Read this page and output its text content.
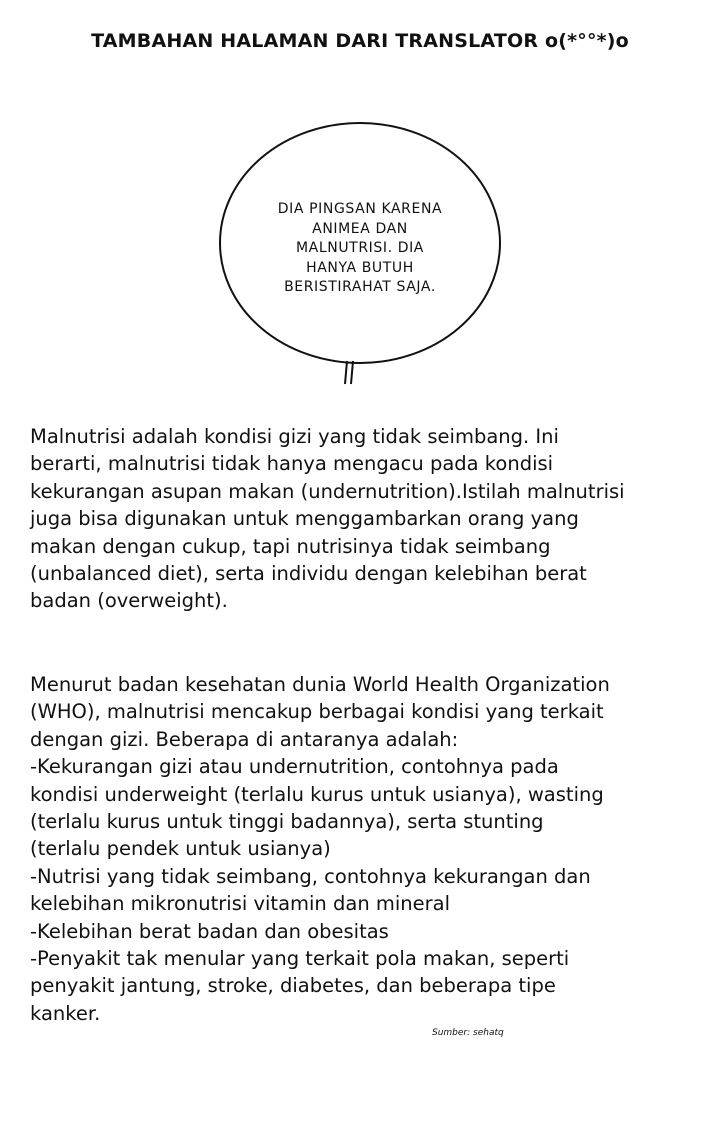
TAMBAHAN HALAMAN DARI TRANSLATOR o(*°°*)o
DIA PINGSAN KARENA
ANIMEA DAN
MALNUTRISI. DIA
HANYA BUTUH
BERISTIRAHAT SAJA.
Malnutrisi adalah kondisi gizi yang tidak seimbang. Ini
berarti, malnutrisi tidak hanya mengacu pada kondisi
kekurangan asupan makan (undernutrition).Istilah malnutrisi
juga bisa digunakan untuk menggambarkan orang yang
makan dengan cukup, tapi nutrisinya tidak seimbang
(unbalanced diet), serta individu dengan kelebihan berat
badan (overweight).
Menurut badan kesehatan dunia World Health Organization
(WHO), malnutrisi mencakup berbagai kondisi yang terkait
dengan gizi. Beberapa di antaranya adalah:
-Kekurangan gizi atau undernutrition, contohnya pada
kondisi underweight (terlalu kurus untuk usianya), wasting
(terlalu kurus untuk tinggi badannya), serta stunting
(terlalu pendek untuk usianya)
-Nutrisi yang tidak seimbang, contohnya kekurangan dan
kelebihan mikronutrisi vitamin dan mineral
-Kelebihan berat badan dan obesitas
-Penyakit tak menular yang terkait pola makan, seperti
penyakit jantung, stroke, diabetes, dan beberapa tipe
kanker.
Sumber: sehatq
